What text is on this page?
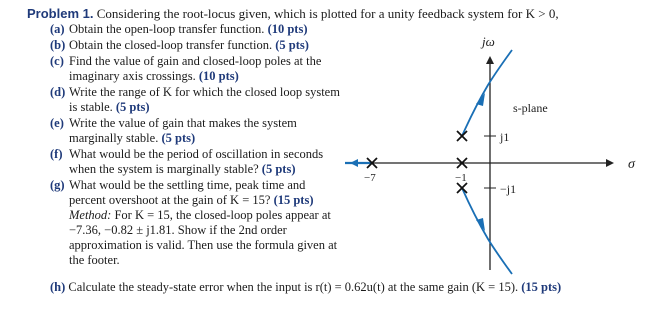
Problem 1. Considering the root-locus given, which is plotted for a unity feedback system for K > 0,
(a) Obtain the open-loop transfer function. (10 pts)
(b) Obtain the closed-loop transfer function. (5 pts)
(c) Find the value of gain and closed-loop poles at the imaginary axis crossings. (10 pts)
(d) Write the range of K for which the closed loop system is stable. (5 pts)
(e) Write the value of gain that makes the system marginally stable. (5 pts)
(f) What would be the period of oscillation in seconds when the system is marginally stable? (5 pts)
(g) What would be the settling time, peak time and percent overshoot at the gain of K = 15? (15 pts) Method: For K = 15, the closed-loop poles appear at −7.36, −0.82 ± j1.81. Show if the 2nd order approximation is valid. Then use the formula given at the footer.
(h) Calculate the steady-state error when the input is r(t) = 0.62u(t) at the same gain (K = 15). (15 pts)
jω
σ
s-plane
j1
−j1
−7	−1
